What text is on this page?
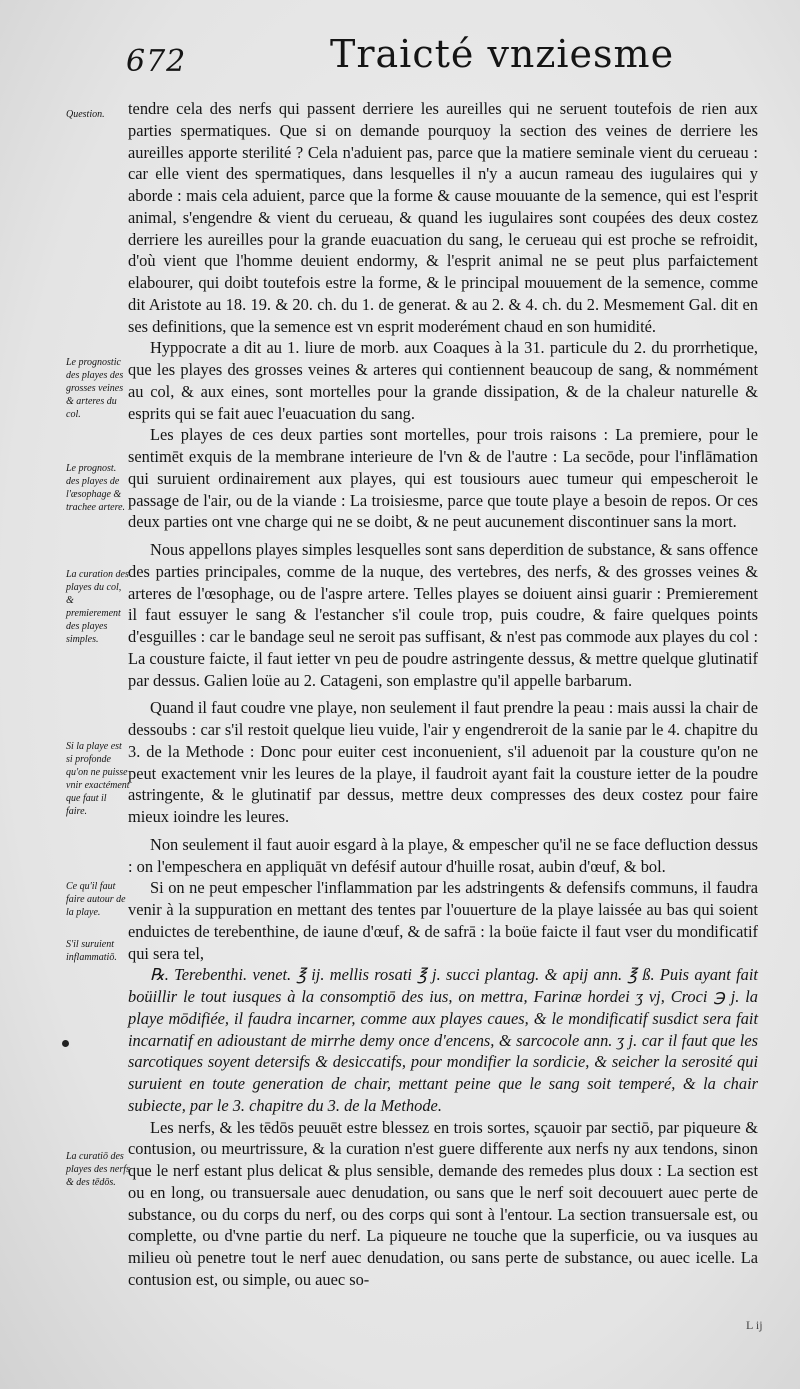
672	Traicté vnziesme

tendre cela des nerfs qui passent derriere les aureilles qui ne seruent toutefois de rien aux parties spermatiques. Que si on demande pourquoy la section des veines de derriere les aureilles apporte sterilité ? Cela n'aduient pas, parce que la matiere seminale vient du cerueau : car elle vient des spermatiques, dans lesquelles il n'y a aucun rameau des iugulaires qui y aborde : mais cela aduient, parce que la forme & cause mouuante de la semence, qui est l'esprit animal, s'engendre & vient du cerueau, & quand les iugulaires sont coupées des deux costez derriere les aureilles pour la grande euacuation du sang, le cerueau qui est proche se refroidit, d'où vient que l'homme deuient endormy, & l'esprit animal ne se peut plus parfaictement elabourer, qui doibt toutefois estre la forme, & le principal mouuement de la semence, comme dit Aristote au 18. 19. & 20. ch. du 1. de generat. & au 2. & 4. ch. du 2. Mesmement Gal. dit en ses definitions, que la semence est vn esprit moderément chaud en son humidité.

Hyppocrate a dit au 1. liure de morb. aux Coaques à la 31. particule du 2. du prorrhetique, que les playes des grosses veines & arteres qui contiennent beaucoup de sang, & nommément au col, & aux eines, sont mortelles pour la grande dissipation, & de la chaleur naturelle & esprits qui se fait auec l'euacuation du sang.

Les playes de ces deux parties sont mortelles, pour trois raisons : La premiere, pour le sentimēt exquis de la membrane interieure de l'vn & de l'autre : La secōde, pour l'inflāmation qui suruient ordinairement aux playes, qui est tousiours auec tumeur qui empescheroit le passage de l'air, ou de la viande : La troisiesme, parce que toute playe a besoin de repos. Or ces deux parties ont vne charge qui ne se doibt, & ne peut aucunement discontinuer sans la mort.

Nous appellons playes simples lesquelles sont sans deperdition de substance, & sans offence des parties principales, comme de la nuque, des vertebres, des nerfs, & des grosses veines & arteres de l'œsophage, ou de l'aspre artere. Telles playes se doiuent ainsi guarir : Premierement il faut essuyer le sang & l'estancher s'il coule trop, puis coudre, & faire quelques points d'esguilles : car le bandage seul ne seroit pas suffisant, & n'est pas commode aux playes du col : La cousture faicte, il faut ietter vn peu de poudre astringente dessus, & mettre quelque glutinatif par dessus. Galien loüe au 2. Catageni, son emplastre qu'il appelle barbarum.

Quand il faut coudre vne playe, non seulement il faut prendre la peau : mais aussi la chair de dessoubs : car s'il restoit quelque lieu vuide, l'air y engendreroit de la sanie par le 4. chapitre du 3. de la Methode : Donc pour euiter cest inconuenient, s'il aduenoit par la cousture qu'on ne peut exactement vnir les leures de la playe, il faudroit ayant fait la cousture ietter de la poudre astringente, & le glutinatif par dessus, mettre deux compresses des deux costez pour faire mieux ioindre les leures.

Non seulement il faut auoir esgard à la playe, & empescher qu'il ne se face defluction dessus : on l'empeschera en appliquāt vn defésif autour d'huille rosat, aubin d'œuf, & bol.

Si on ne peut empescher l'inflammation par les adstringents & defensifs communs, il faudra venir à la suppuration en mettant des tentes par l'ouuerture de la playe laissée au bas qui soient enduictes de terebenthine, de iaune d'œuf, & de safrā : la boüe faicte il faut vser du mondificatif qui sera tel,

℞. Terebenthi. venet. ℥ ij. mellis rosati ℥ j. succi plantag. & apij ann. ℥ ß. Puis ayant fait boüillir le tout iusques à la consomptiō des ius, on mettra, Farinæ hordei ʒ vj, Croci ℈ j. la playe mōdifiée, il faudra incarner, comme aux playes caues, & le mondificatif susdict sera fait incarnatif en adioustant de mirrhe demy once d'encens, & sarcocole ann. ʒ j. car il faut que les sarcotiques soyent detersifs & desiccatifs, pour mondifier la sordicie, & seicher la serosité qui suruient en toute generation de chair, mettant peine que le sang soit temperé, & la chair subiecte, par le 3. chapitre du 3. de la Methode.

Les nerfs, & les tēdōs peuuēt estre blessez en trois sortes, sçauoir par sectiō, par piqueure & contusion, ou meurtrissure, & la curation n'est guere differente aux nerfs ny aux tendons, sinon que le nerf estant plus delicat & plus sensible, demande des remedes plus doux : La section est ou en long, ou transuersale auec denudation, ou sans que le nerf soit decouuert auec perte de substance, ou du corps du nerf, ou des corps qui sont à l'entour. La section transuersale est, ou complette, ou d'vne partie du nerf. La piqueure ne touche que la superficie, ou va iusques au milieu où penetre tout le nerf auec denudation, ou sans perte de substance, ou auec icelle. La contusion est, ou simple, ou auec so-

Question.
Le prognostic des playes des grosses veines & arteres du col.
Le prognost. des playes de l'æsophage & trachee artere.
La curation des playes du col, & premierement des playes simples.
Si la playe est si profonde qu'on ne puisse vnir exactément que faut il faire.
Ce qu'il faut faire autour de la playe.
S'il suruient inflammatiō.
La curatiō des playes des nerfs & des tēdōs.
L ij
